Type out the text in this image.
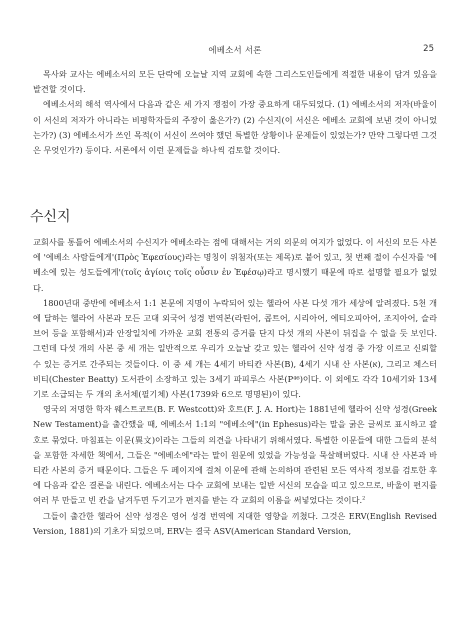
에베소서 서론	25

목사와 교사는 에베소서의 모든 단락에 오늘날 지역 교회에 속한 그리스도인들에게 적절한 내용이 담겨 있음을 발견할 것이다.

에베소서의 해석 역사에서 다음과 같은 세 가지 쟁점이 가장 중요하게 대두되었다. (1) 에베소서의 저자(바울이 이 서신의 저자가 아니라는 비평학자들의 주장이 옳은가?) (2) 수신지(이 서신은 에베소 교회에 보낸 것이 아니었는가?) (3) 에베소서가 쓰인 목적(이 서신이 쓰여야 했던 특별한 상황이나 문제들이 있었는가? 만약 그렇다면 그것은 무엇인가?) 등이다. 서론에서 이런 문제들을 하나씩 검토할 것이다.

수신지

교회사를 통틀어 에베소서의 수신지가 에베소라는 점에 대해서는 거의 의문의 여지가 없었다. 이 서신의 모든 사본에 '에베소 사람들에게'(Πρὸς Ἐφεσίους)라는 명칭이 위첨자(또는 제목)로 붙어 있고, 첫 번째 절이 수신자를 '에베소에 있는 성도들에게'(τοῖς ἁγίοις τοῖς οὖσιν ἐν Ἐφέσῳ)라고 명시했기 때문에 따로 설명할 필요가 없었다.

1800년대 중반에 에베소서 1:1 본문에 지명이 누락되어 있는 헬라어 사본 다섯 개가 세상에 알려졌다. 5천 개에 달하는 헬라어 사본과 모든 고대 외국어 성경 번역본(라틴어, 콥트어, 시리아어, 에티오피아어, 조지아어, 슬라브어 등을 포함해서)과 안장일치에 가까운 교회 전통의 증거를 단지 다섯 개의 사본이 뒤집을 수 없을 듯 보인다. 그런데 다섯 개의 사본 중 세 개는 일반적으로 우리가 오늘날 갖고 있는 헬라어 신약 성경 중 가장 이르고 신뢰할 수 있는 증거로 간주되는 것들이다. 이 중 세 개는 4세기 바티칸 사본(B), 4세기 시내 산 사본(א), 그리고 체스터 비티(Chester Beatty) 도서관이 소장하고 있는 3세기 파피루스 사본(P⁴⁶)이다. 이 외에도 각각 10세기와 13세기로 소급되는 두 개의 초서체(필기체) 사본(1739와 6으로 명명된)이 있다.

영국의 저명한 학자 웨스트코트(B. F. Westcott)와 호트(F. J. A. Hort)는 1881년에 헬라어 신약 성경(Greek New Testament)을 출간했을 때, 에베소서 1:1의 "에베소에"(in Ephesus)라는 말을 굵은 글씨로 표시하고 괄호로 묶었다. 마침표는 이문(異文)이라는 그들의 의견을 나타내기 위해서였다. 특별한 이문들에 대한 그들의 분석을 포함한 자세한 책에서, 그들은 "에베소에"라는 말이 원문에 있었을 가능성을 묵살해버렸다. 시내 산 사본과 바티칸 사본의 증거 때문이다. 그들은 두 페이지에 걸쳐 이문에 관해 논의하며 관련된 모든 역사적 정보를 검토한 후에 다음과 같은 결론을 내린다. 에베소서는 다수 교회에 보내는 일반 서신의 모습을 띠고 있으므로, 바울이 편지를 여러 부 만들고 빈 칸을 남겨두면 두기고가 편지를 받는 각 교회의 이름을 써넣었다는 것이다.$^2$

그들이 출간한 헬라어 신약 성경은 영어 성경 번역에 지대한 영향을 끼쳤다. 그것은 ERV(English Revised Version, 1881)의 기초가 되었으며, ERV는 결국 ASV(American Standard Version,
